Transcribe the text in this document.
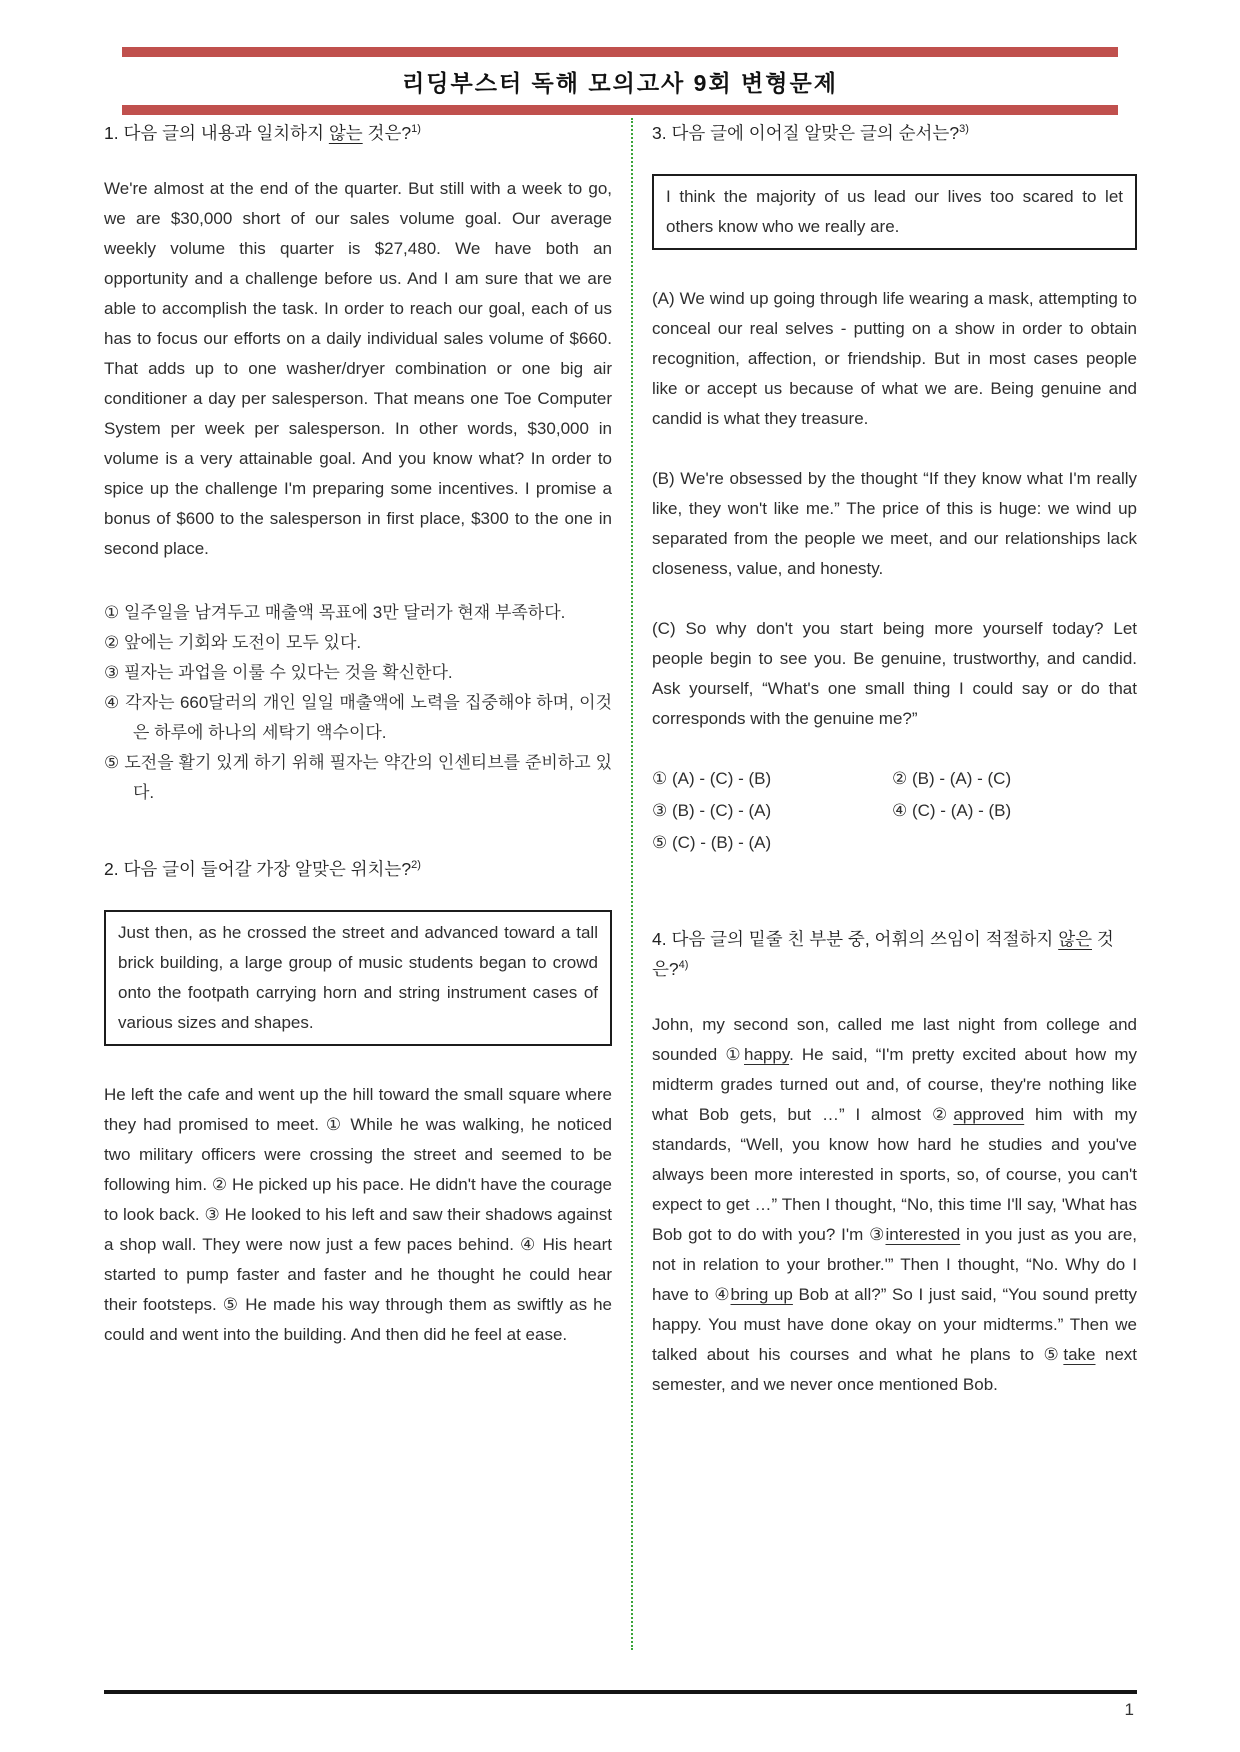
리딩부스터 독해 모의고사 9회 변형문제
1. 다음 글의 내용과 일치하지 않는 것은?$^{1)}$

We're almost at the end of the quarter. But still with a week to go, we are $30,000 short of our sales volume goal. Our average weekly volume this quarter is $27,480. We have both an opportunity and a challenge before us. And I am sure that we are able to accomplish the task. In order to reach our goal, each of us has to focus our efforts on a daily individual sales volume of $660. That adds up to one washer/dryer combination or one big air conditioner a day per salesperson. That means one Toe Computer System per week per salesperson. In other words, $30,000 in volume is a very attainable goal. And you know what? In order to spice up the challenge I'm preparing some incentives. I promise a bonus of $600 to the salesperson in first place, $300 to the one in second place.

① 일주일을 남겨두고 매출액 목표에 3만 달러가 현재 부족하다.
② 앞에는 기회와 도전이 모두 있다.
③ 필자는 과업을 이룰 수 있다는 것을 확신한다.
④ 각자는 660달러의 개인 일일 매출액에 노력을 집중해야 하며, 이것은 하루에 하나의 세탁기 액수이다.
⑤ 도전을 활기 있게 하기 위해 필자는 약간의 인센티브를 준비하고 있다.
2. 다음 글이 들어갈 가장 알맞은 위치는?$^{2)}$
Just then, as he crossed the street and advanced toward a tall brick building, a large group of music students began to crowd onto the footpath carrying horn and string instrument cases of various sizes and shapes.

He left the cafe and went up the hill toward the small square where they had promised to meet. ① While he was walking, he noticed two military officers were crossing the street and seemed to be following him. ② He picked up his pace. He didn't have the courage to look back. ③ He looked to his left and saw their shadows against a shop wall. They were now just a few paces behind. ④ His heart started to pump faster and faster and he thought he could hear their footsteps. ⑤ He made his way through them as swiftly as he could and went into the building. And then did he feel at ease.

3. 다음 글에 이어질 알맞은 글의 순서는?$^{3)}$
I think the majority of us lead our lives too scared to let others know who we really are.

(A) We wind up going through life wearing a mask, attempting to conceal our real selves - putting on a show in order to obtain recognition, affection, or friendship. But in most cases people like or accept us because of what we are. Being genuine and candid is what they treasure.

(B) We're obsessed by the thought “If they know what I'm really like, they won't like me.” The price of this is huge: we wind up separated from the people we meet, and our relationships lack closeness, value, and honesty.

(C) So why don't you start being more yourself today? Let people begin to see you. Be genuine, trustworthy, and candid. Ask yourself, “What's one small thing I could say or do that corresponds with the genuine me?”

① (A) - (C) - (B)	② (B) - (A) - (C)
③ (B) - (C) - (A)	④ (C) - (A) - (B)
⑤ (C) - (B) - (A)
4. 다음 글의 밑줄 친 부분 중, 어휘의 쓰임이 적절하지 않은 것은?$^{4)}$

John, my second son, called me last night from college and sounded ①happy. He said, “I'm pretty excited about how my midterm grades turned out and, of course, they're nothing like what Bob gets, but …” I almost ②approved him with my standards, “Well, you know how hard he studies and you've always been more interested in sports, so, of course, you can't expect to get …” Then I thought, “No, this time I'll say, 'What has Bob got to do with you? I'm ③interested in you just as you are, not in relation to your brother.'” Then I thought, “No. Why do I have to ④bring up Bob at all?” So I just said, “You sound pretty happy. You must have done okay on your midterms.” Then we talked about his courses and what he plans to ⑤take next semester, and we never once mentioned Bob.

1
